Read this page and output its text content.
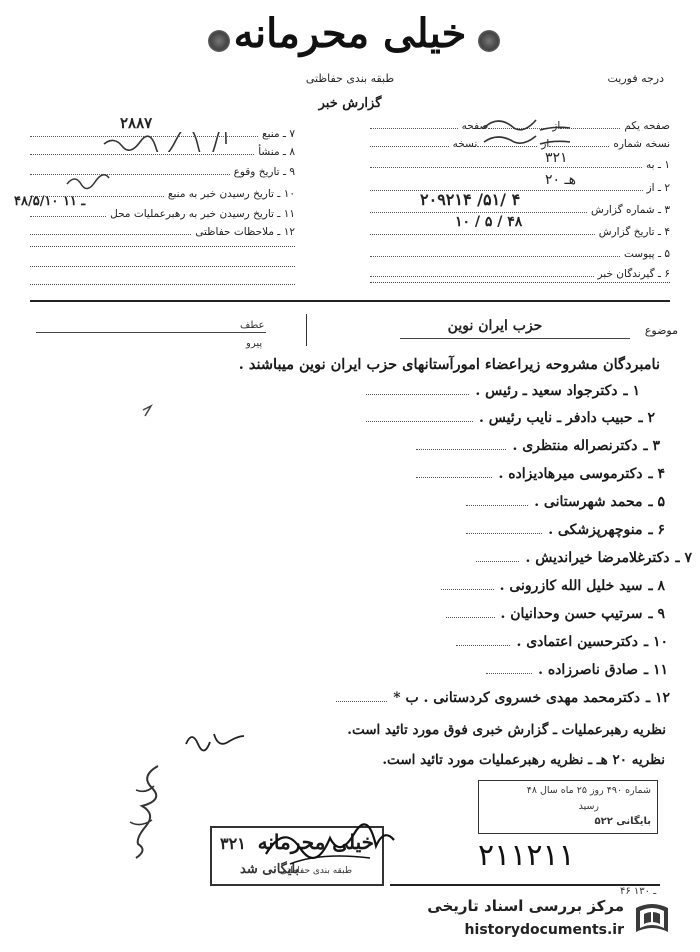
خیلی محرمانه
طبقه بندی حفاظتی
گزارش خبر
درجه فوریت
صفحه یکم
از
صفحه
نسخه شماره
از
نسخه
۱ ـ به
۳۲۱
۲ ـ از
۲۰ هـ
۳ ـ شماره گزارش
۲۰۹۲۱۴ /۵۱/ ۴
۴ ـ تاریخ گزارش
۱۰ / ۵ / ۴۸
۵ ـ پیوست
۶ ـ گیرندگان خبر
۷ ـ منبع
۲۸۸۷
۸ ـ منشأ
۹ ـ تاریخ وقوع
۱۰ ـ تاریخ رسیدن خبر به منبع
۱۱ ـ تاریخ رسیدن خبر به رهبرعملیات محل
۴۸/۵/۱۰ ـ ۱۱
۱۲ ـ ملاحظات حفاظتی
موضوع
حزب ایران نوین
عطف
پیرو
نامبردگان مشروحه زیراعضاء امورآستانهای حزب ایران نوین میباشند .
۱ ـ
دکترجواد سعید ـ رئیس .
۲ ـ
حبیب دادفر ـ نایب رئیس .
۳ ـ
دکترنصراله منتظری .
۴ ـ
دکترموسی میرهادیزاده .
۵ ـ
محمد شهرستانی .
۶ ـ
منوچهرپزشکی .
۷ ـ
دکترغلامرضا خیراندیش .
۸ ـ
سید خلیل الله کازرونی .
۹ ـ
سرتیپ حسن وحدانیان .
۱۰ ـ
دکترحسین اعتمادی .
۱۱ ـ
صادق ناصرزاده .
۱۲ ـ
دکترمحمد مهدی خسروی کردستانی . ب *
نظریه رهبرعملیات ـ گزارش خبری فوق مورد تائید است.
نظریه ۲۰ هـ ـ نظریه رهبرعملیات مورد تائید است.
شماره ۴۹۰ روز ۲۵ ماه سال ۴۸
رسید
بایگانی ۵۲۲
خیلی محرمانه
۳۲۱
طبقه بندی حفاظتی
بایگانی شد	۲۱۱۲۱۱
۴۶ ـ ۱۳۰
مرکز بررسی اسناد تاریخی
historydocuments.ir
